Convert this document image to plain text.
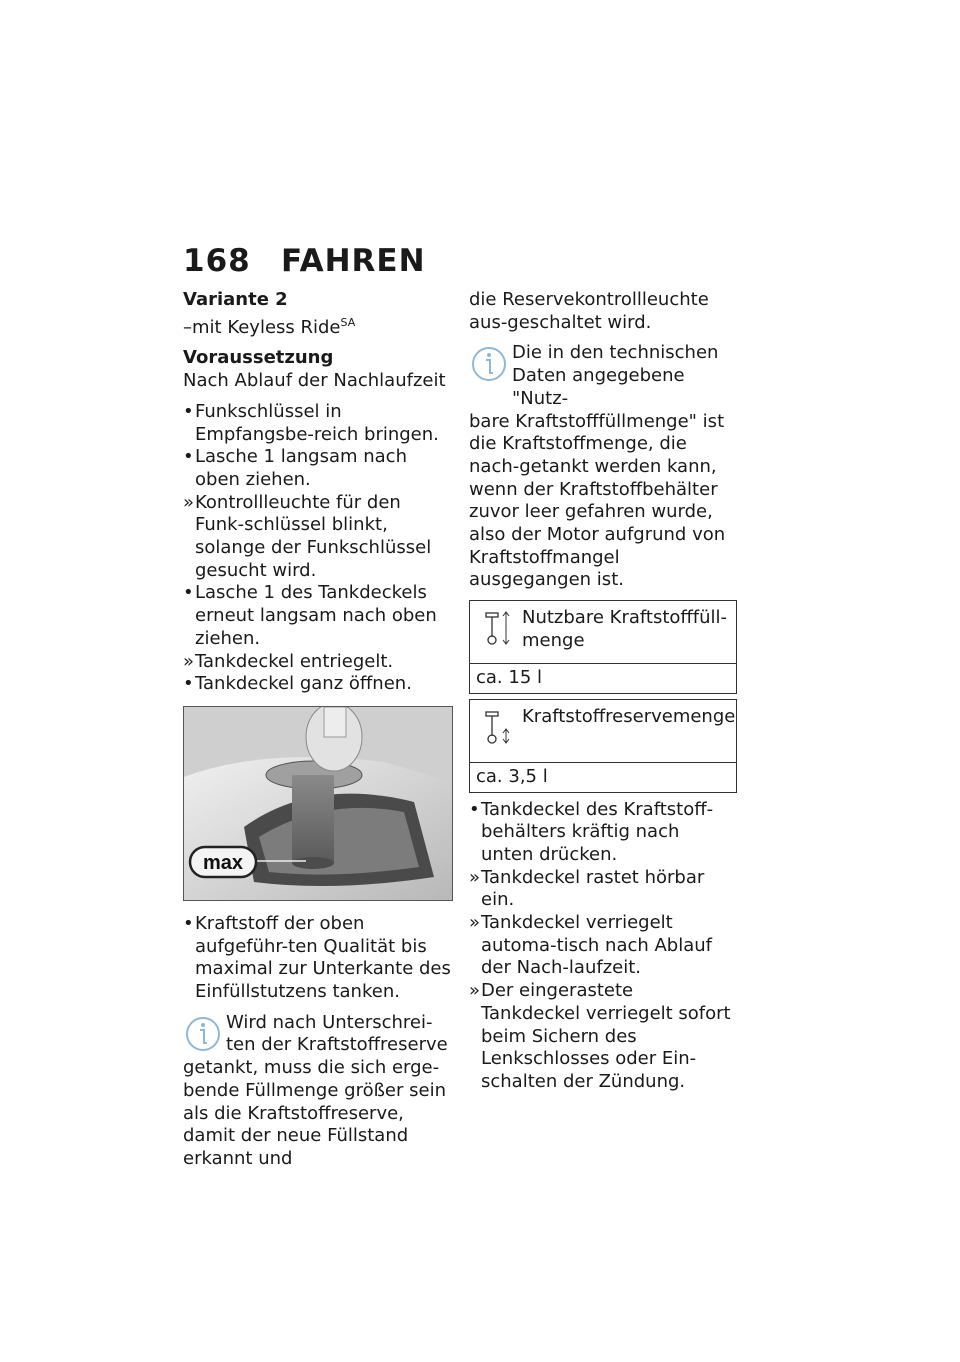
168 FAHREN

Variante 2

–mit Keyless Ride$^{SA}$

Voraussetzung

Nach Ablauf der Nachlaufzeit

• Funkschlüssel in Empfangsbe-reich bringen.

• Lasche 1 langsam nach oben ziehen.

» Kontrollleuchte für den Funk-schlüssel blinkt, solange der Funkschlüssel gesucht wird.

• Lasche 1 des Tankdeckels erneut langsam nach oben ziehen.

» Tankdeckel entriegelt.

• Tankdeckel ganz öffnen.

max

• Kraftstoff der oben aufgeführ-ten Qualität bis maximal zur Unterkante des Einfüllstutzens tanken.

Wird nach Unterschrei-ten der Kraftstoffreserve

getankt, muss die sich erge-bende Füllmenge größer sein als die Kraftstoffreserve, damit der neue Füllstand erkannt und

die Reservekontrollleuchte aus-geschaltet wird.

Die in den technischen Daten angegebene "Nutz-

bare Kraftstofffüllmenge" ist die Kraftstoffmenge, die nach-getankt werden kann, wenn der Kraftstoffbehälter zuvor leer gefahren wurde, also der Motor aufgrund von Kraftstoffmangel ausgegangen ist.

Nutzbare Kraftstofffüll-menge
ca. 15 l
Kraftstoffreservemenge
ca. 3,5 l

• Tankdeckel des Kraftstoff-behälters kräftig nach unten drücken.

» Tankdeckel rastet hörbar ein.

» Tankdeckel verriegelt automa-tisch nach Ablauf der Nach-laufzeit.

» Der eingerastete Tankdeckel verriegelt sofort beim Sichern des Lenkschlosses oder Ein-schalten der Zündung.
